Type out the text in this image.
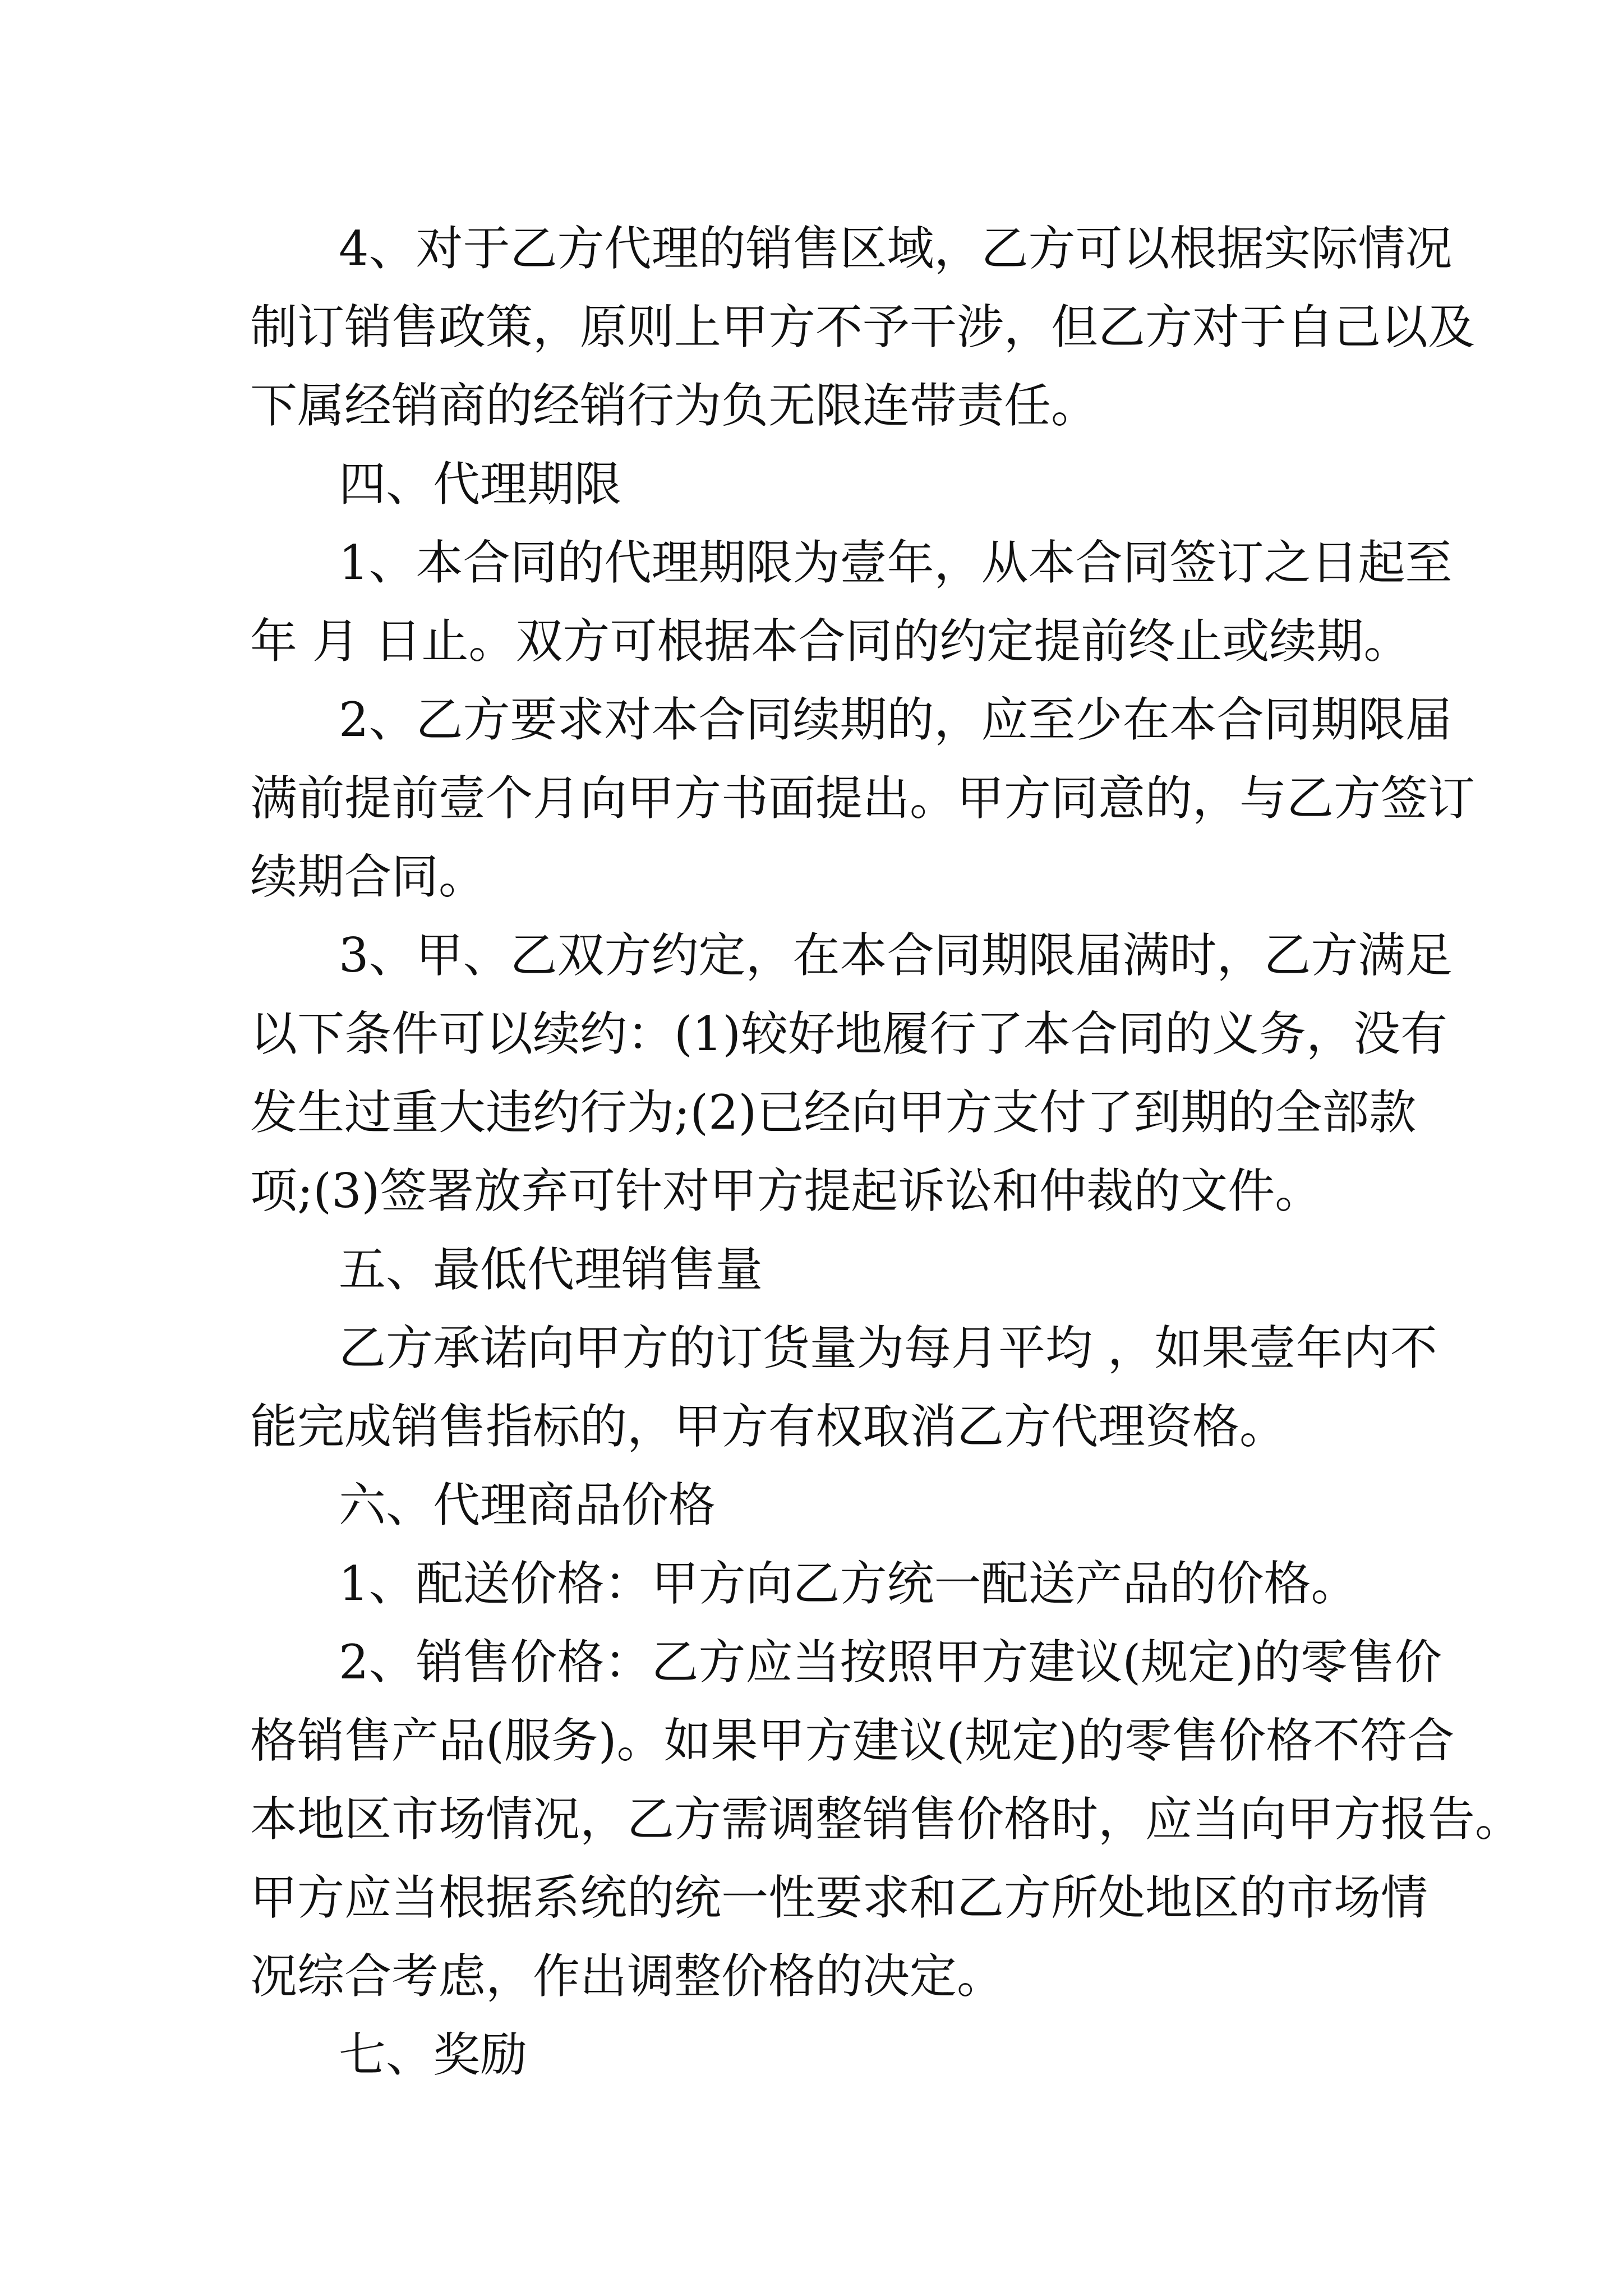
4、对于乙方代理的销售区域，乙方可以根据实际情况
制订销售政策，原则上甲方不予干涉，但乙方对于自己以及
下属经销商的经销行为负无限连带责任。
四、代理期限
1、本合同的代理期限为壹年，从本合同签订之日起至
年 月 日止。双方可根据本合同的约定提前终止或续期。
2、乙方要求对本合同续期的，应至少在本合同期限届
满前提前壹个月向甲方书面提出。甲方同意的，与乙方签订
续期合同。
3、甲、乙双方约定，在本合同期限届满时，乙方满足
以下条件可以续约：(1)较好地履行了本合同的义务，没有
发生过重大违约行为;(2)已经向甲方支付了到期的全部款
项;(3)签署放弃可针对甲方提起诉讼和仲裁的文件。
五、最低代理销售量
乙方承诺向甲方的订货量为每月平均 ，如果壹年内不
能完成销售指标的，甲方有权取消乙方代理资格。
六、代理商品价格
1、配送价格：甲方向乙方统一配送产品的价格。
2、销售价格：乙方应当按照甲方建议(规定)的零售价
格销售产品(服务)。如果甲方建议(规定)的零售价格不符合
本地区市场情况，乙方需调整销售价格时，应当向甲方报告。
甲方应当根据系统的统一性要求和乙方所处地区的市场情
况综合考虑，作出调整价格的决定。
七、奖励
